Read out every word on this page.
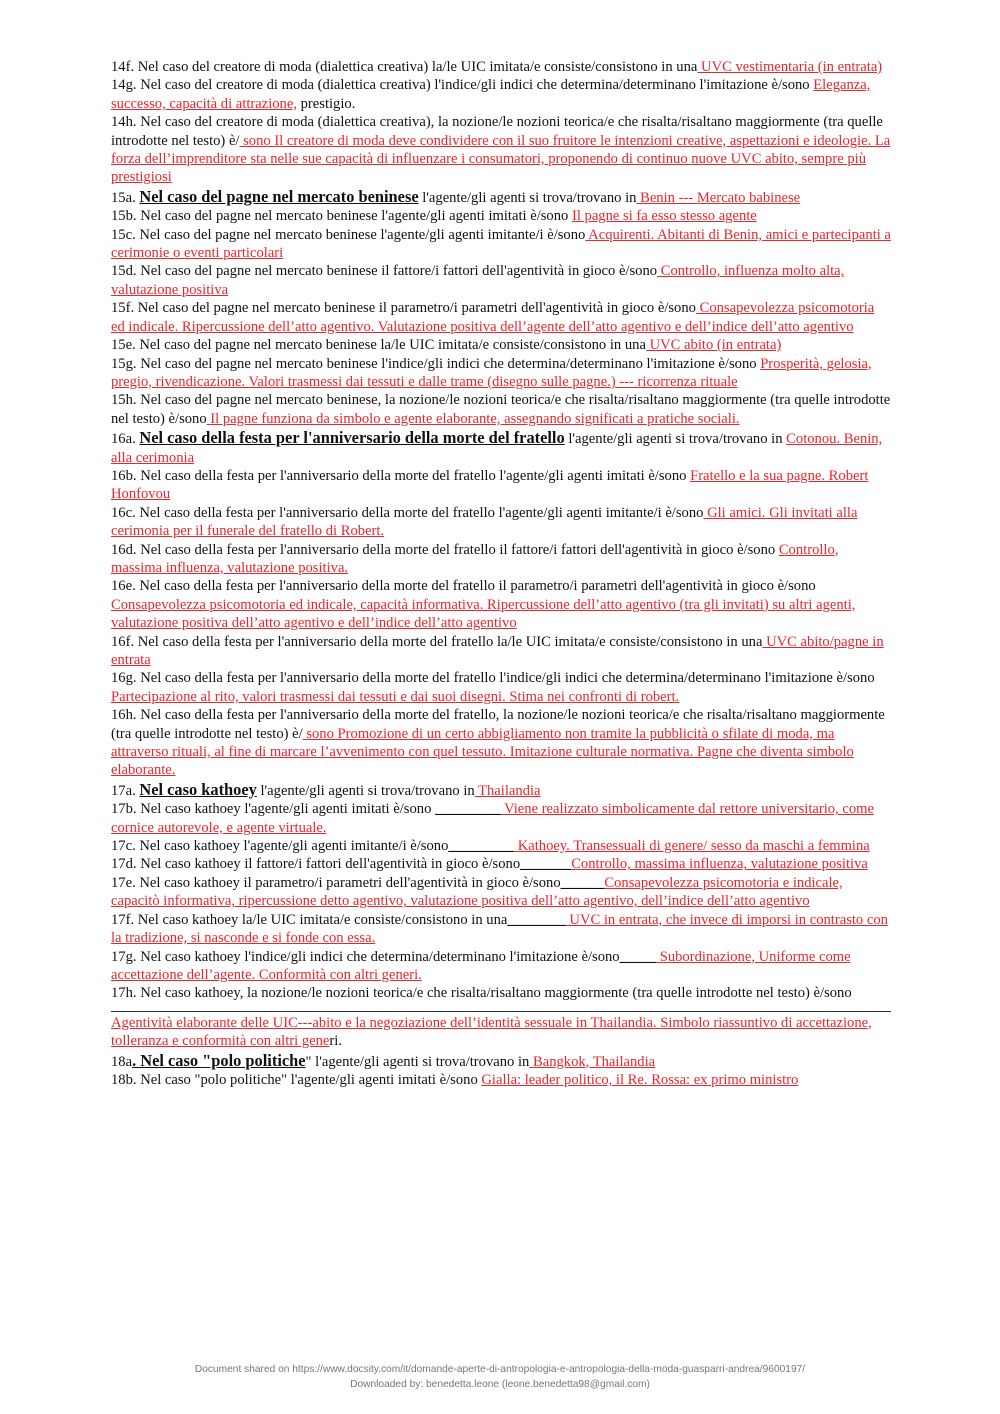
14f. Nel caso del creatore di moda (dialettica creativa) la/le UIC imitata/e consiste/consistono in una UVC vestimentaria (in entrata)

14g. Nel caso del creatore di moda (dialettica creativa) l'indice/gli indici che determina/determinano l'imitazione è/sono Eleganza, successo, capacità di attrazione, prestigio.

14h. Nel caso del creatore di moda (dialettica creativa), la nozione/le nozioni teorica/e che risalta/risaltano maggiormente (tra quelle introdotte nel testo) è/ sono Il creatore di moda deve condividere con il suo fruitore le intenzioni creative, aspettazioni e ideologie. La forza dell’imprenditore sta nelle sue capacità di influenzare i consumatori, proponendo di continuo nuove UVC abito, sempre più prestigiosi

15a. Nel caso del pagne nel mercato beninese l'agente/gli agenti si trova/trovano in Benin --- Mercato babinese

15b. Nel caso del pagne nel mercato beninese l'agente/gli agenti imitati è/sono Il pagne si fa esso stesso agente

15c. Nel caso del pagne nel mercato beninese l'agente/gli agenti imitante/i è/sono Acquirenti. Abitanti di Benin, amici e partecipanti a cerimonie o eventi particolari

15d. Nel caso del pagne nel mercato beninese il fattore/i fattori dell'agentività in gioco è/sono Controllo, influenza molto alta, valutazione positiva

15f. Nel caso del pagne nel mercato beninese il parametro/i parametri dell'agentività in gioco è/sono Consapevolezza psicomotoria ed indicale. Ripercussione dell’atto agentivo. Valutazione positiva dell’agente dell’atto agentivo e dell’indice dell’atto agentivo

15e. Nel caso del pagne nel mercato beninese la/le UIC imitata/e consiste/consistono in una UVC abito (in entrata)

15g. Nel caso del pagne nel mercato beninese l'indice/gli indici che determina/determinano l'imitazione è/sono Prosperità, gelosia, pregio, rivendicazione. Valori trasmessi dai tessuti e dalle trame (disegno sulle pagne.) --- ricorrenza rituale

15h. Nel caso del pagne nel mercato beninese, la nozione/le nozioni teorica/e che risalta/risaltano maggiormente (tra quelle introdotte nel testo) è/sono Il pagne funziona da simbolo e agente elaborante, assegnando significati a pratiche sociali.

16a. Nel caso della festa per l'anniversario della morte del fratello l'agente/gli agenti si trova/trovano in Cotonou. Benin, alla cerimonia

16b. Nel caso della festa per l'anniversario della morte del fratello l'agente/gli agenti imitati è/sono Fratello e la sua pagne. Robert Honfovou

16c. Nel caso della festa per l'anniversario della morte del fratello l'agente/gli agenti imitante/i è/sono Gli amici. Gli invitati alla cerimonia per il funerale del fratello di Robert.

16d. Nel caso della festa per l'anniversario della morte del fratello il fattore/i fattori dell'agentività in gioco è/sono Controllo, massima influenza, valutazione positiva.

16e. Nel caso della festa per l'anniversario della morte del fratello il parametro/i parametri dell'agentività in gioco è/sono Consapevolezza psicomotoria ed indicale, capacità informativa. Ripercussione dell’atto agentivo (tra gli invitati) su altri agenti, valutazione positiva dell’atto agentivo e dell’indice dell’atto agentivo

16f. Nel caso della festa per l'anniversario della morte del fratello la/le UIC imitata/e consiste/consistono in una UVC abito/pagne in entrata

16g. Nel caso della festa per l'anniversario della morte del fratello l'indice/gli indici che determina/determinano l'imitazione è/sono Partecipazione al rito, valori trasmessi dai tessuti e dai suoi disegni. Stima nei confronti di robert.

16h. Nel caso della festa per l'anniversario della morte del fratello, la nozione/le nozioni teorica/e che risalta/risaltano maggiormente (tra quelle introdotte nel testo) è/ sono Promozione di un certo abbigliamento non tramite la pubblicità o sfilate di moda, ma attraverso rituali, al fine di marcare l’avvenimento con quel tessuto. Imitazione culturale normativa. Pagne che diventa simbolo elaborante.

17a. Nel caso kathoey l'agente/gli agenti si trova/trovano in Thailandia

17b. Nel caso kathoey l'agente/gli agenti imitati è/sono _________ Viene realizzato simbolicamente dal rettore universitario, come cornice autorevole, e agente virtuale.

17c. Nel caso kathoey l'agente/gli agenti imitante/i è/sono_________ Kathoey. Transessuali di genere/ sesso da maschi a femmina

17d. Nel caso kathoey il fattore/i fattori dell'agentività in gioco è/sono_______Controllo, massima influenza, valutazione positiva

17e. Nel caso kathoey il parametro/i parametri dell'agentività in gioco è/sono______Consapevolezza psicomotoria e indicale, capacitò informativa, ripercussione detto agentivo, valutazione positiva dell’atto agentivo, dell’indice dell’atto agentivo

17f. Nel caso kathoey la/le UIC imitata/e consiste/consistono in una________ UVC in entrata, che invece di imporsi in contrasto con la tradizione, si nasconde e si fonde con essa.

17g. Nel caso kathoey l'indice/gli indici che determina/determinano l'imitazione è/sono_____ Subordinazione, Uniforme come accettazione dell’agente. Conformità con altri generi.

17h. Nel caso kathoey, la nozione/le nozioni teorica/e che risalta/risaltano maggiormente (tra quelle introdotte nel testo) è/sono

Agentività elaborante delle UIC---abito e la negoziazione dell’identità sessuale in Thailandia. Simbolo riassuntivo di accettazione, tolleranza e conformità con altri generi.

18a. Nel caso "polo politiche" l'agente/gli agenti si trova/trovano in Bangkok, Thailandia

18b. Nel caso "polo politiche" l'agente/gli agenti imitati è/sono Gialla: leader politico, il Re. Rossa: ex primo ministro

Document shared on https://www.docsity.com/it/domande-aperte-di-antropologia-e-antropologia-della-moda-guasparri-andrea/9600197/
Downloaded by: benedetta.leone (leone.benedetta98@gmail.com)
